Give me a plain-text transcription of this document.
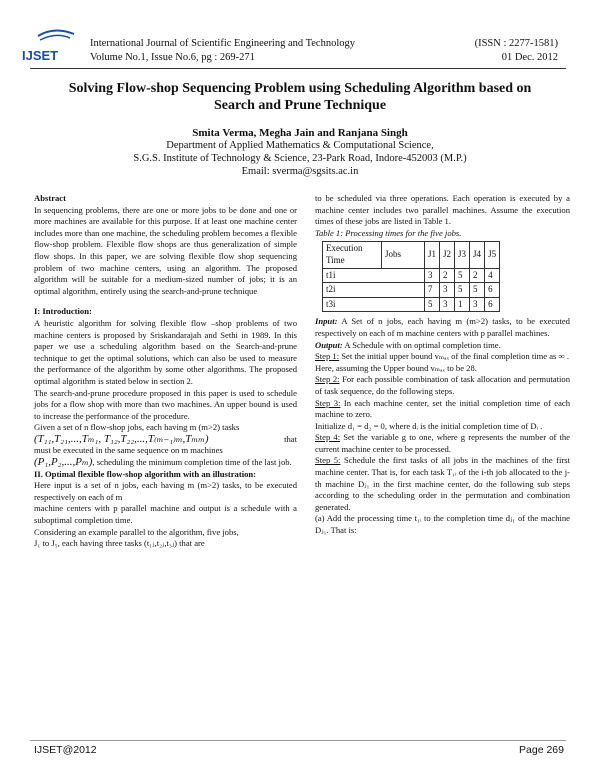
IJSET
International Journal of Scientific Engineering and Technology
Volume No.1, Issue No.6, pg : 269-271
(ISSN : 2277-1581)
01 Dec. 2012
Solving Flow-shop Sequencing Problem using Scheduling Algorithm based on
Search and Prune Technique
Smita Verma, Megha Jain and Ranjana Singh
Department of Applied Mathematics & Computational Science,
S.G.S. Institute of Technology & Science, 23-Park Road, Indore-452003 (M.P.)
Email: sverma@sgsits.ac.in

Abstract

In sequencing problems, there are one or more jobs to be done and one or more machines are available for this purpose. If at least one machine center includes more than one machine, the scheduling problem becomes a flexible flow-shop problem. Flexible flow shops are thus generalization of simple flow shops. In this paper, we are solving flexible flow shop sequencing problem of two machine centers, using an algorithm. The proposed algorithm will be suitable for a medium-sized number of jobs; it is an optimal algorithm, entirely using the search-and-prune technique

I: Introduction:

A heuristic algorithm for solving flexible flow –shop problems of two machine centers is proposed by Sriskandarajah and Sethi in 1989. In this paper we use a scheduling algorithm based on the Search-and-prune technique to get the optimal solutions, which can also be used to measure the performance of the algorithm by some other algorithms. The proposed optimal algorithm is stated below in section 2.

The search-and-prune procedure proposed in this paper is used to schedule jobs for a flow shop with more than two machines. An upper bound is used to increase the performance of the procedure.

Given a set of n flow-shop jobs, each having m (m>2) tasks

(T₁₁,T₂₁,...,Tₘ₁, T₁₂,T₂₂,...,T₍ₘ₋₁₎ₘ,Tₘₘ)	that

must be executed in the same sequence on m machines

(P₁,P₂,...,Pₘ), scheduling the minimum completion time of the last job.

II. Optimal flexible flow-shop algorithm with an illustration:

Here input is a set of n jobs, each having m (m>2) tasks, to be executed respectively on each of m

machine centers with p parallel machine and output is a schedule with a suboptimal completion time.

Considering an example parallel to the algorithm, five jobs,

J₁ to J₅, each having three tasks (t₁ⱼ,t₂ⱼ,t₃ⱼ) that are

to be scheduled via three operations. Each operation is executed by a machine center includes two parallel machines. Assume the execution times of these jobs are listed in Table 1.

Table 1: Processing times for the five jobs.

Execution Time	Jobs	J1	J2	J3	J4	J5
t1i		3	2	5	2	4
t2i		7	3	5	5	6
t3i		5	3	1	3	6

Input: A Set of n jobs, each having m (m>2) tasks, to be executed respectively on each of m machine centers with p parallel machines.

Output: A Schedule with on optimal completion time.

Step 1: Set the initial upper bound vₘₐₓ of the final completion time as ∞ .

Here, assuming the Upper bound vₘₐₓ to be 28.

Step 2: For each possible combination of task allocation and permutation of task sequence, do the following steps.

Step 3: In each machine center, set the initial completion time of each machine to zero.

Initialize d₁ = d₂ = 0, where dᵢ is the initial completion time of Dᵢ .

Step 4: Set the variable g to one, where g represents the number of the current machine center to be processed.

Step 5: Schedule the first tasks of all jobs in the machines of the first machine center. That is, for each task T₁ᵢ of the i-th job allocated to the j-th machine Dⱼ₁ in the first machine center, do the following sub steps according to the scheduling order in the permutation and combination generated.

(a) Add the processing time t₁ᵢ to the completion time dⱼ₁ of the machine Dⱼ₁. That is:

IJSET@2012	Page 269
